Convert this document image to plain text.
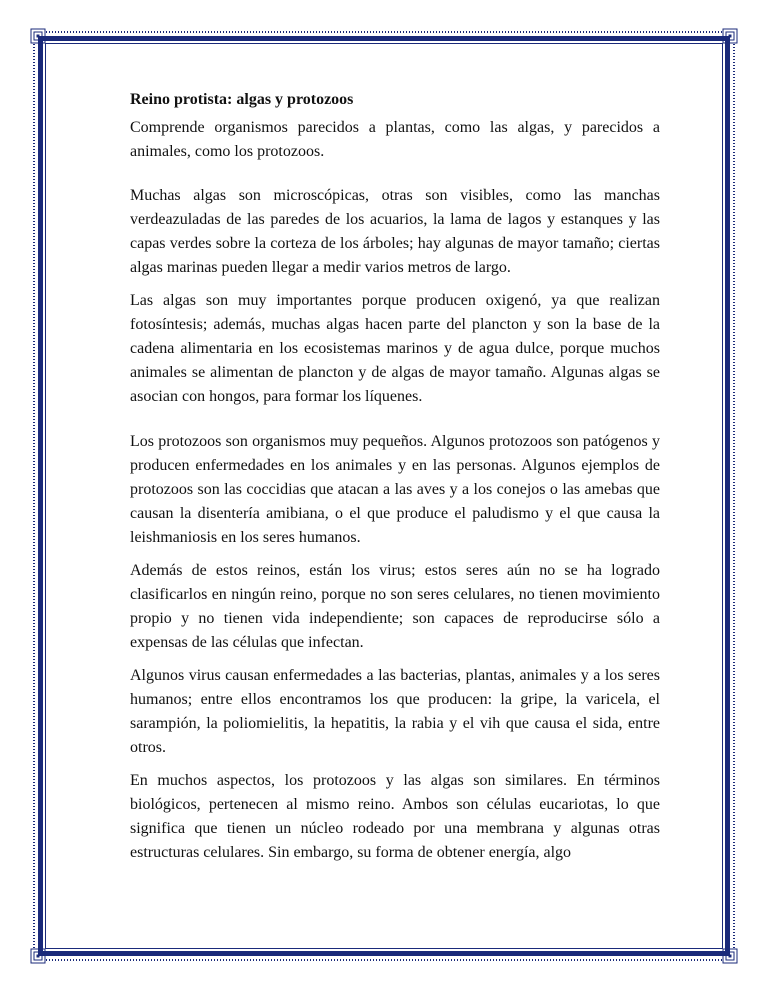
Reino protista: algas y protozoos

Comprende organismos parecidos a plantas, como las algas, y parecidos a animales, como los protozoos.

Muchas algas son microscópicas, otras son visibles, como las manchas verdeazuladas de las paredes de los acuarios, la lama de lagos y estanques y las capas verdes sobre la corteza de los árboles; hay algunas de mayor tamaño; ciertas algas marinas pueden llegar a medir varios metros de largo.

Las algas son muy importantes porque producen oxigenó, ya que realizan fotosíntesis; además, muchas algas hacen parte del plancton y son la base de la cadena alimentaria en los ecosistemas marinos y de agua dulce, porque muchos animales se alimentan de plancton y de algas de mayor tamaño. Algunas algas se asocian con hongos, para formar los líquenes.

Los protozoos son organismos muy pequeños. Algunos protozoos son patógenos y producen enfermedades en los animales y en las personas. Algunos ejemplos de protozoos son las coccidias que atacan a las aves y a los conejos o las amebas que causan la disentería amibiana, o el que produce el paludismo y el que causa la leishmaniosis en los seres humanos.

Además de estos reinos, están los virus; estos seres aún no se ha logrado clasificarlos en ningún reino, porque no son seres celulares, no tienen movimiento propio y no tienen vida independiente; son capaces de reproducirse sólo a expensas de las células que infectan.

Algunos virus causan enfermedades a las bacterias, plantas, animales y a los seres humanos; entre ellos encontramos los que producen: la gripe, la varicela, el sarampión, la poliomielitis, la hepatitis, la rabia y el vih que causa el sida, entre otros.

En muchos aspectos, los protozoos y las algas son similares. En términos biológicos, pertenecen al mismo reino. Ambos son células eucariotas, lo que significa que tienen un núcleo rodeado por una membrana y algunas otras estructuras celulares. Sin embargo, su forma de obtener energía, algo
